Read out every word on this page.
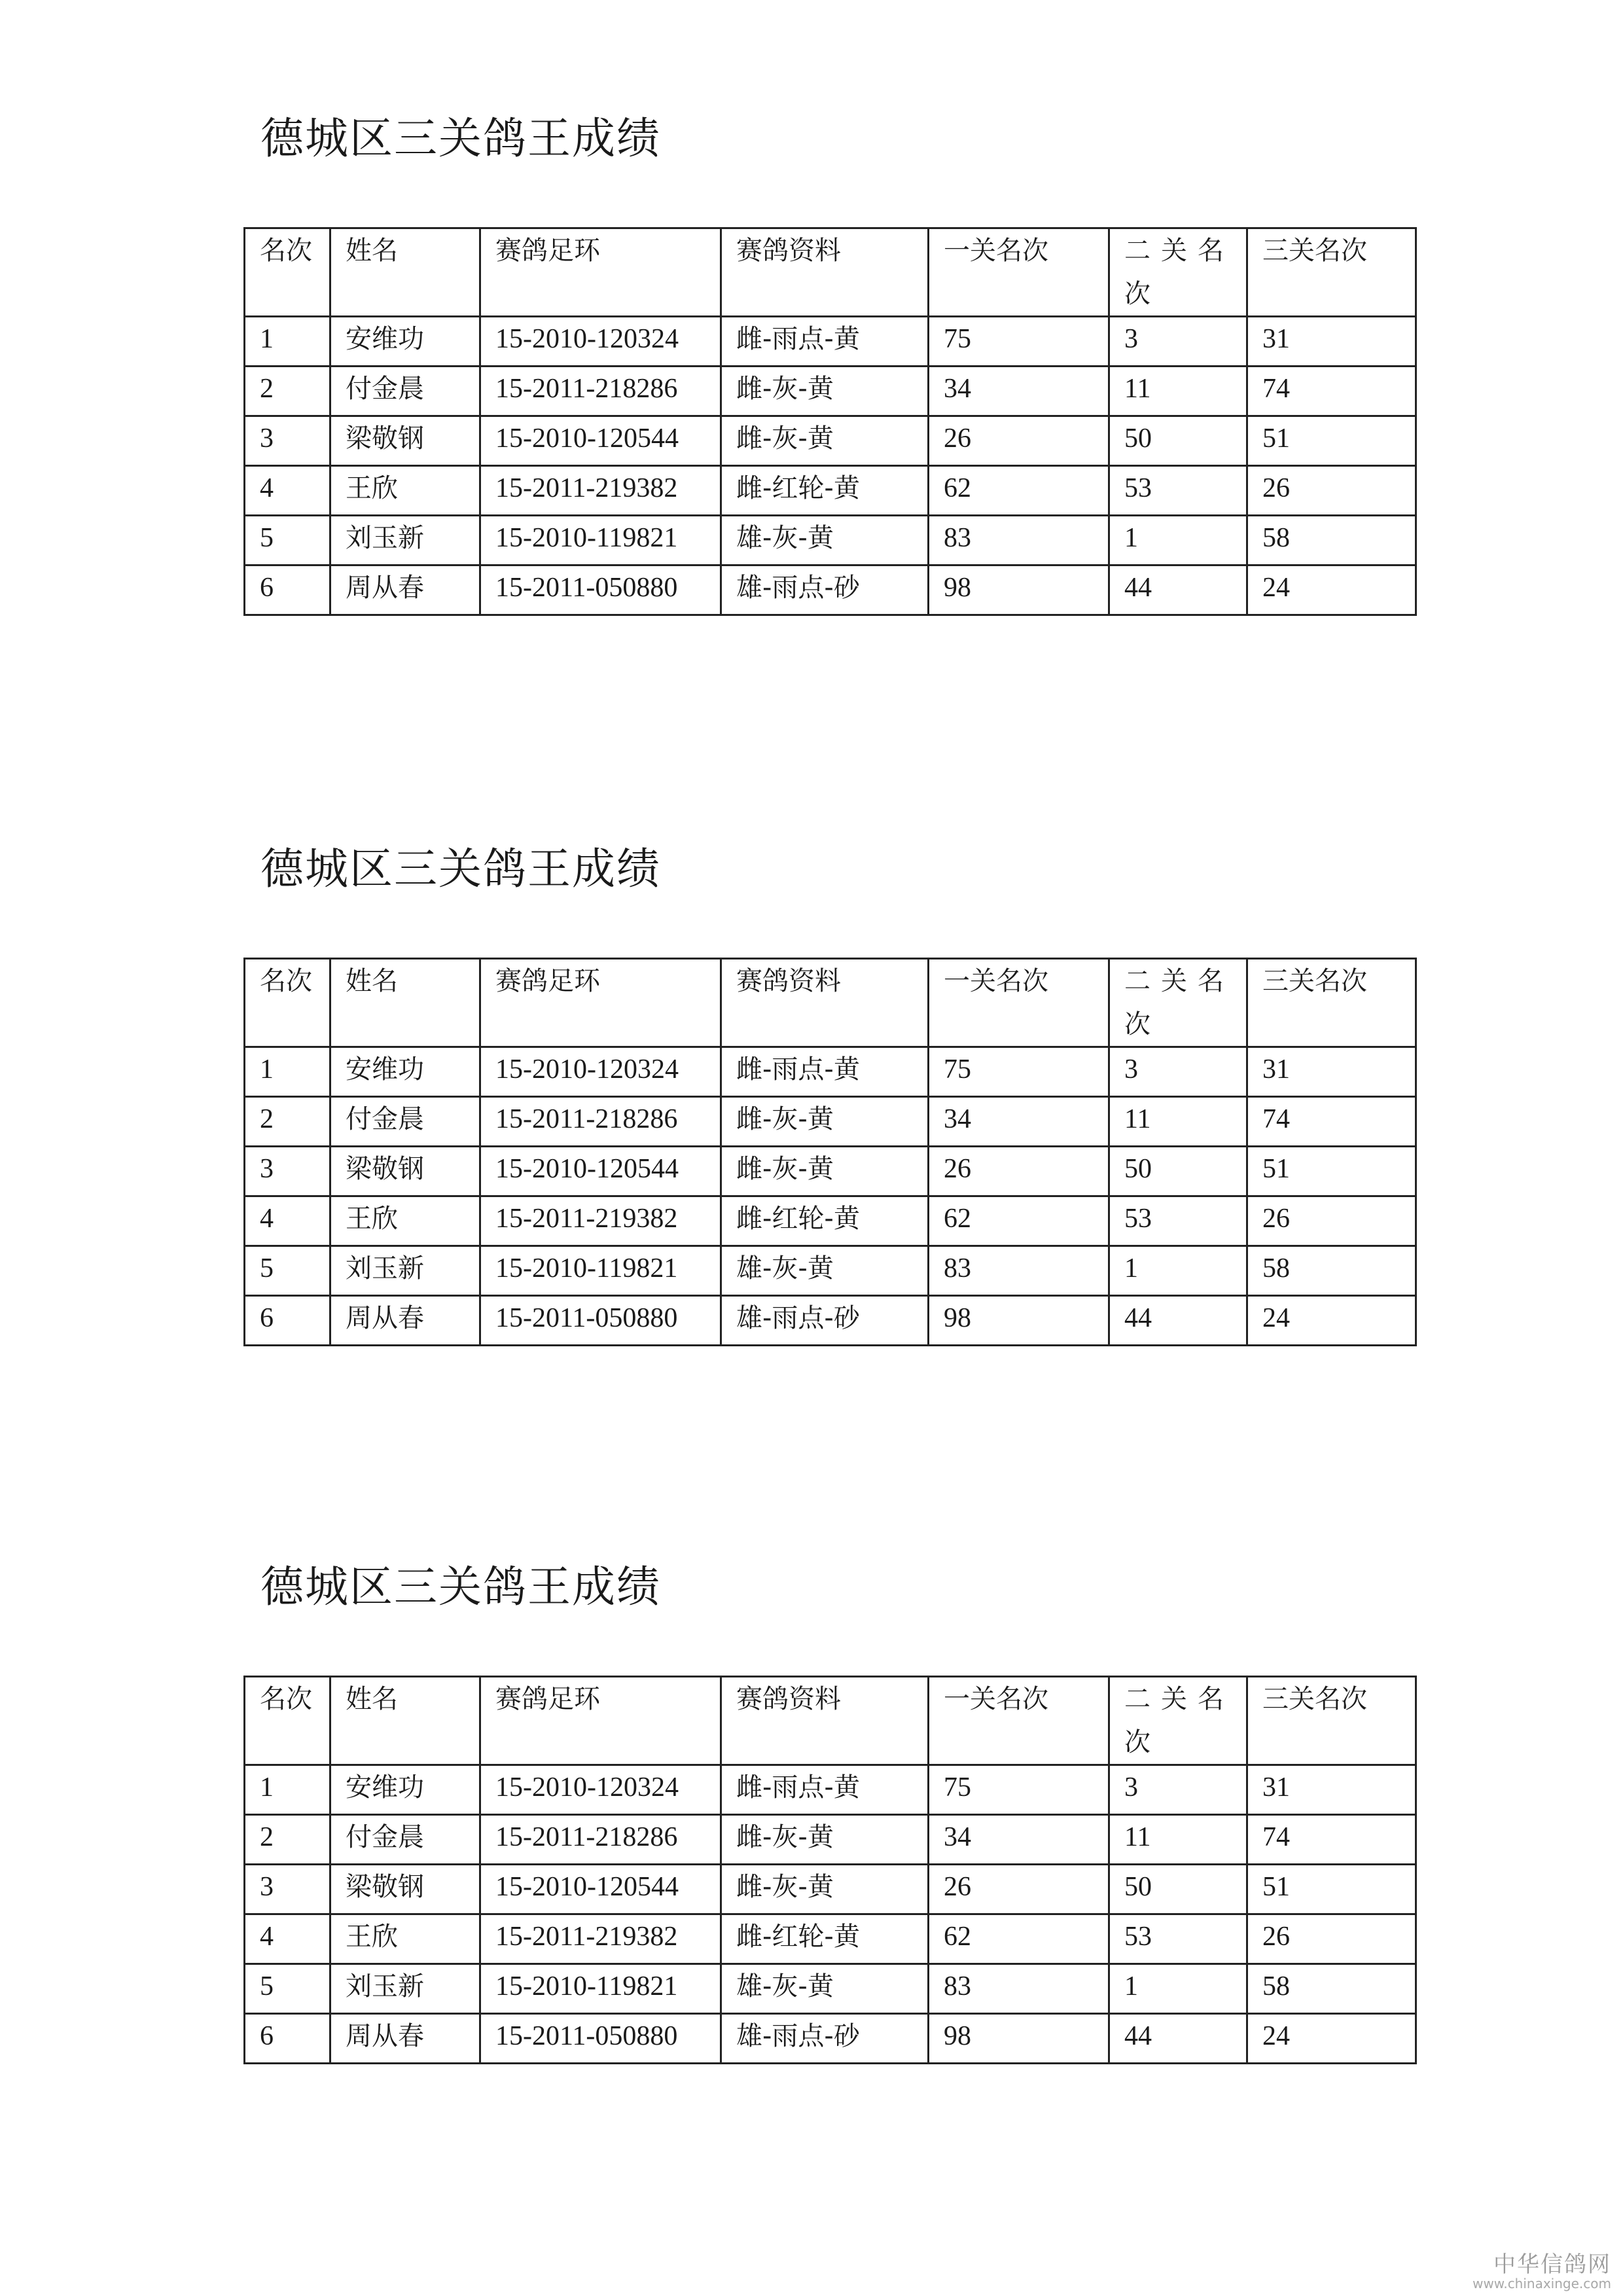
德城区三关鸽王成绩
名次	姓名	赛鸽足环	赛鸽资料	一关名次	二关名次	三关名次
1	安维功	15-2010-120324	雌-雨点-黄	75	3	31
2	付金晨	15-2011-218286	雌-灰-黄	34	11	74
3	梁敬钢	15-2010-120544	雌-灰-黄	26	50	51
4	王欣	15-2011-219382	雌-红轮-黄	62	53	26
5	刘玉新	15-2010-119821	雄-灰-黄	83	1	58
6	周从春	15-2011-050880	雄-雨点-砂	98	44	24
德城区三关鸽王成绩
名次	姓名	赛鸽足环	赛鸽资料	一关名次	二关名次	三关名次
1	安维功	15-2010-120324	雌-雨点-黄	75	3	31
2	付金晨	15-2011-218286	雌-灰-黄	34	11	74
3	梁敬钢	15-2010-120544	雌-灰-黄	26	50	51
4	王欣	15-2011-219382	雌-红轮-黄	62	53	26
5	刘玉新	15-2010-119821	雄-灰-黄	83	1	58
6	周从春	15-2011-050880	雄-雨点-砂	98	44	24
德城区三关鸽王成绩
名次	姓名	赛鸽足环	赛鸽资料	一关名次	二关名次	三关名次
1	安维功	15-2010-120324	雌-雨点-黄	75	3	31
2	付金晨	15-2011-218286	雌-灰-黄	34	11	74
3	梁敬钢	15-2010-120544	雌-灰-黄	26	50	51
4	王欣	15-2011-219382	雌-红轮-黄	62	53	26
5	刘玉新	15-2010-119821	雄-灰-黄	83	1	58
6	周从春	15-2011-050880	雄-雨点-砂	98	44	24
中华信鸽网
www.chinaxinge.com
